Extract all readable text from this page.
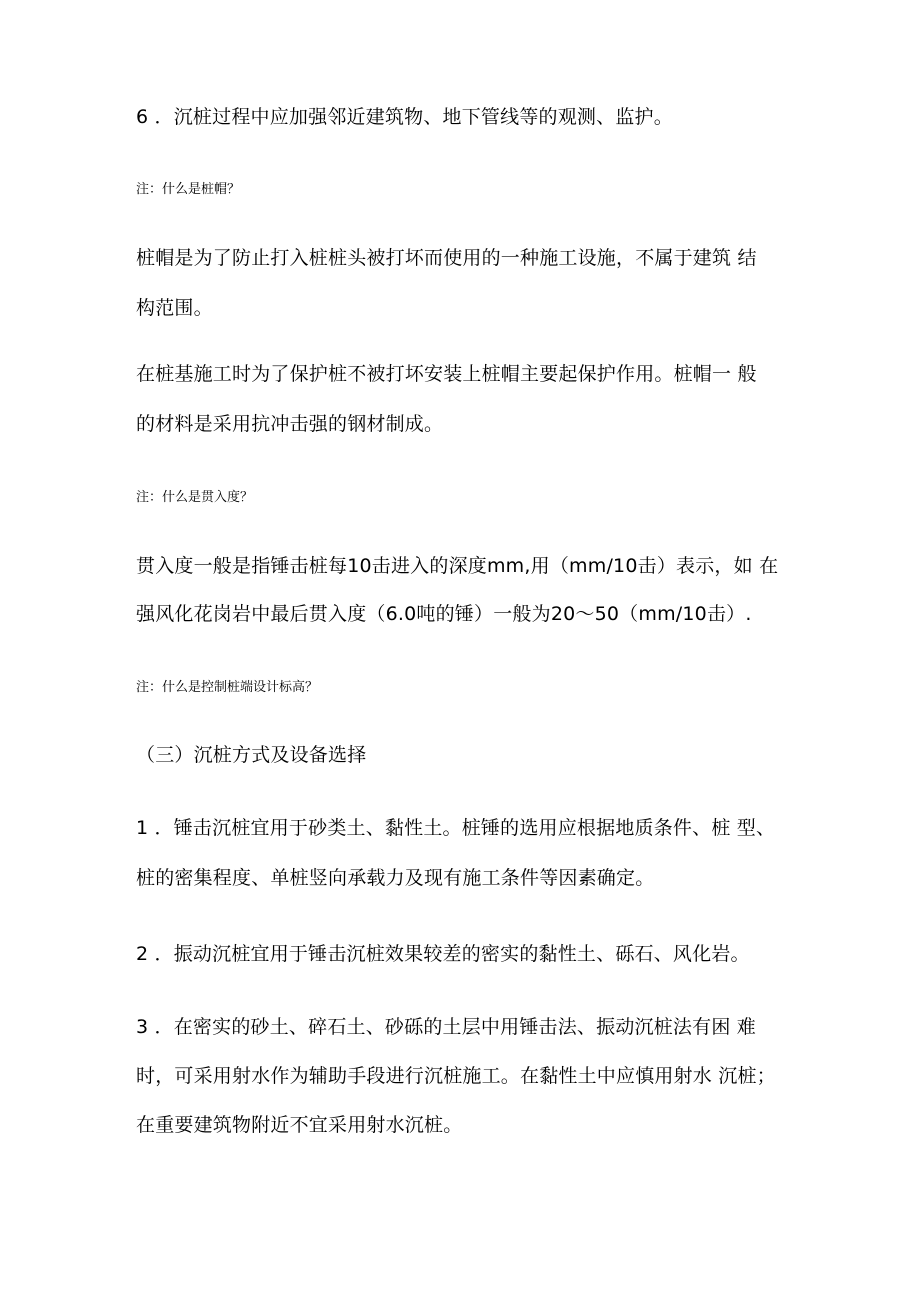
6 ．沉桩过程中应加强邻近建筑物、地下管线等的观测、监护。
注：什么是桩帽？
桩帽是为了防止打入桩桩头被打坏而使用的一种施工设施，不属于建筑 结
构范围。
在桩基施工时为了保护桩不被打坏安装上桩帽主要起保护作用。桩帽一 般
的材料是采用抗冲击强的钢材制成。
注：什么是贯入度？
贯入度一般是指锤击桩每10击进入的深度mm,用（mm/10击）表示，如 在
强风化花岗岩中最后贯入度（6.0吨的锤）一般为20〜50（mm/10击）.
注：什么是控制桩端设计标高？
（三）沉桩方式及设备选择
1 ．锤击沉桩宜用于砂类土、黏性土。桩锤的选用应根据地质条件、桩 型、
桩的密集程度、单桩竖向承载力及现有施工条件等因素确定。
2 ．振动沉桩宜用于锤击沉桩效果较差的密实的黏性土、砾石、风化岩。
3 ．在密实的砂土、碎石土、砂砾的土层中用锤击法、振动沉桩法有困 难
时，可采用射水作为辅助手段进行沉桩施工。在黏性土中应慎用射水 沉桩；
在重要建筑物附近不宜采用射水沉桩。
